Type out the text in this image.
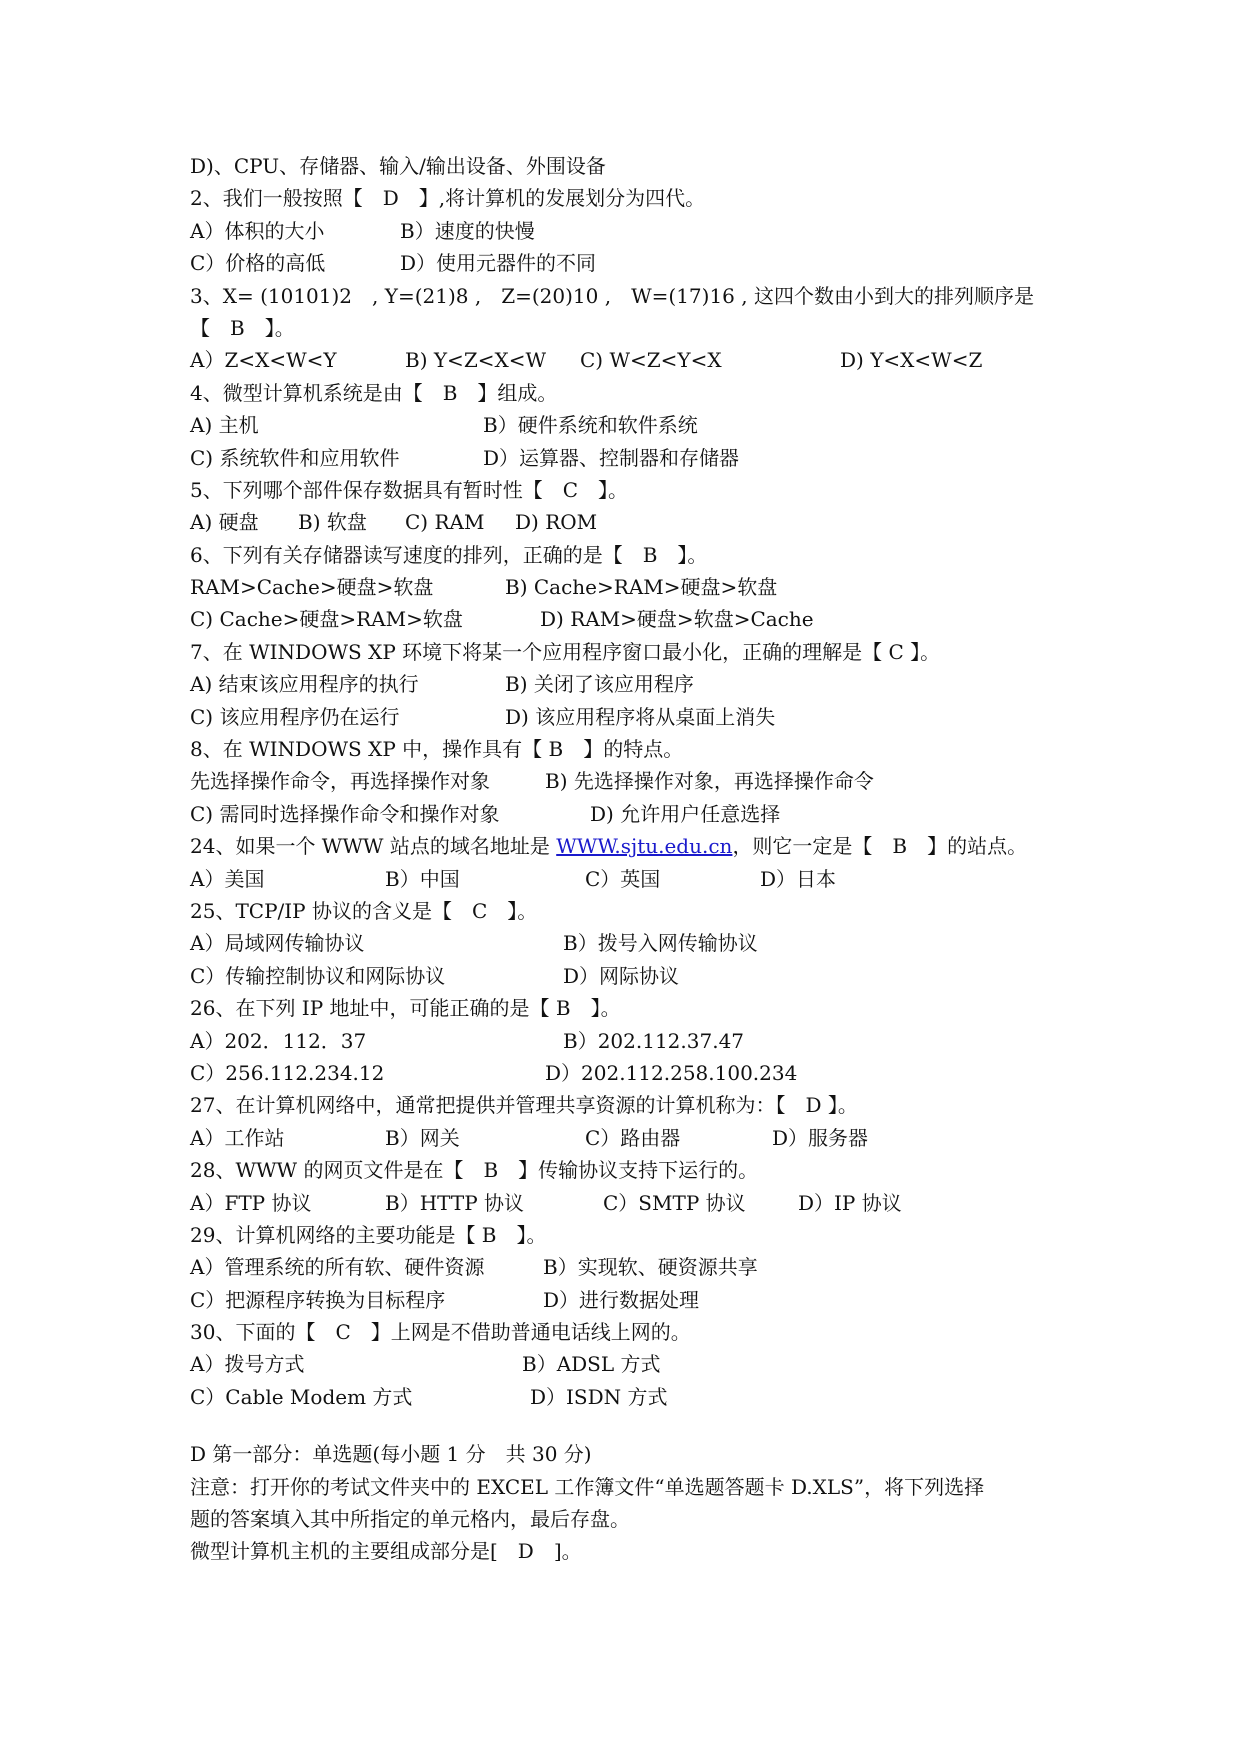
D)、CPU、存储器、输入/输出设备、外围设备
2、我们一般按照【　D　】,将计算机的发展划分为四代。

A）体积的大小

	B）速度的快慢

C）价格的高低

	D）使用元器件的不同

3、X= (10101)2　, Y=(21)8 ,　Z=(20)10 ,　W=(17)16 , 这四个数由小到大的排列顺序是
【　B　】。

A）Z<X<W<Y

	B) Y<Z<X<W

C) W<Z<Y<X

	D) Y<X<W<Z

4、微型计算机系统是由【　B　】组成。

A) 主机

	B）硬件系统和软件系统

C) 系统软件和应用软件

	D）运算器、控制器和存储器

5、下列哪个部件保存数据具有暂时性【　C　】。

A) 硬盘

B) 软盘

C) RAM

D) ROM

6、下列有关存储器读写速度的排列，正确的是【　B　】。

RAM>Cache>硬盘>软盘

	B) Cache>RAM>硬盘>软盘

C) Cache>硬盘>RAM>软盘

	D) RAM>硬盘>软盘>Cache

7、在 WINDOWS XP 环境下将某一个应用程序窗口最小化，正确的理解是【 C 】。

A) 结束该应用程序的执行

	B) 关闭了该应用程序

C) 该应用程序仍在运行

	D) 该应用程序将从桌面上消失

8、在 WINDOWS XP 中，操作具有【 B　】的特点。

先选择操作命令，再选择操作对象

	B) 先选择操作对象，再选择操作命令

C) 需同时选择操作命令和操作对象

	D) 允许用户任意选择

24、如果一个 WWW 站点的域名地址是 WWW.sjtu.edu.cn，则它一定是【　B　】的站点。

A）美国

	B）中国

	C）英国

	D）日本

25、TCP/IP 协议的含义是【　C　】。

A）局域网传输协议

	B）拨号入网传输协议

C）传输控制协议和网际协议

	D）网际协议

26、在下列 IP 地址中，可能正确的是【 B　】。

A）202．112．37

	B）202.112.37.47

C）256.112.234.12

	D）202.112.258.100.234

27、在计算机网络中，通常把提供并管理共享资源的计算机称为：【　D 】。

A）工作站

	B）网关

	C）路由器

	D）服务器

28、WWW 的网页文件是在【　B　】传输协议支持下运行的。

A）FTP 协议

	B）HTTP 协议

	C）SMTP 协议

	D）IP 协议

29、计算机网络的主要功能是【 B　】。

A）管理系统的所有软、硬件资源

	B）实现软、硬资源共享

C）把源程序转换为目标程序

	D）进行数据处理

30、下面的【　C　】上网是不借助普通电话线上网的。

A）拨号方式

	B）ADSL 方式

C）Cable Modem 方式

	D）ISDN 方式

D 第一部分：单选题(每小题 1 分　共 30 分)
注意：打开你的考试文件夹中的 EXCEL 工作簿文件“单选题答题卡 D.XLS”，将下列选择
题的答案填入其中所指定的单元格内，最后存盘。
微型计算机主机的主要组成部分是[　D　]。
